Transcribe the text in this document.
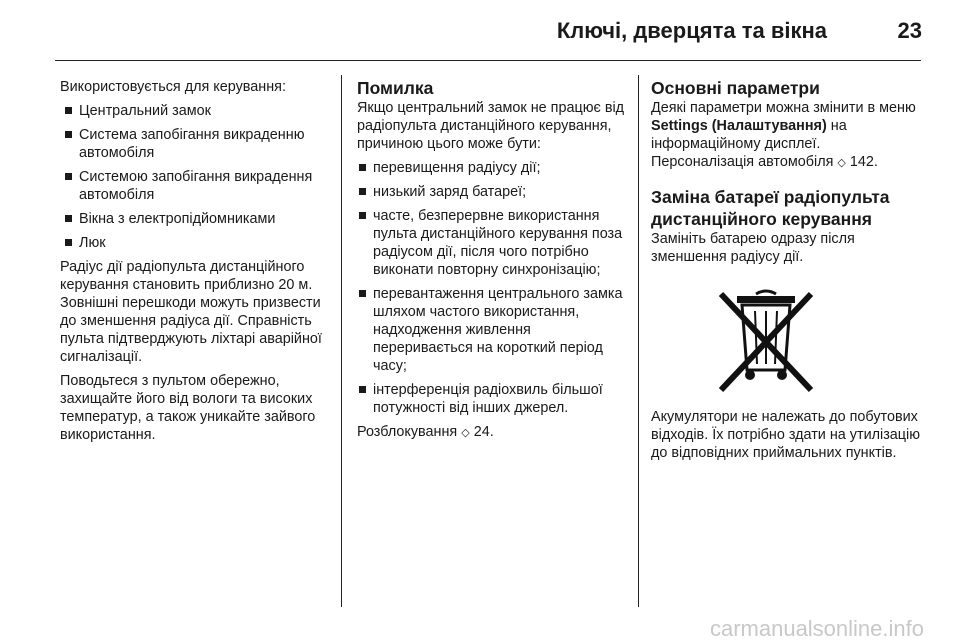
Ключі, дверцята та вікна	23

Використовується для керування:

Центральний замок
Система запобігання викраденню автомобіля
Системою запобігання викрадення автомобіля
Вікна з електропідйомниками
Люк

Радіус дії радіопульта дистанційного керування становить приблизно 20 м. Зовнішні перешкоди можуть призвести до зменшення радіуса дії. Справність пульта підтверджують ліхтарі аварійної сигналізації.

Поводьтеся з пультом обережно, захищайте його від вологи та високих температур, а також уникайте зайвого використання.

Помилка

Якщо центральний замок не працює від радіопульта дистанційного керування, причиною цього може бути:

перевищення радіусу дії;
низький заряд батареї;
часте, безперервне використання пульта дистанційного керування поза радіусом дії, після чого потрібно виконати повторну синхронізацію;
перевантаження центрального замка шляхом частого використання, надходження живлення переривається на короткий період часу;
інтерференція радіохвиль більшої потужності від інших джерел.

Розблокування ◇ 24.

Основні параметри

Деякі параметри можна змінити в меню Settings (Налаштування) на інформаційному дисплеї. Персоналізація автомобіля ◇ 142.

Заміна батареї радіопульта дистанційного керування

Замініть батарею одразу після зменшення радіусу дії.

Акумулятори не належать до побутових відходів. Їх потрібно здати на утилізацію до відповідних приймальних пунктів.

carmanualsonline.info
